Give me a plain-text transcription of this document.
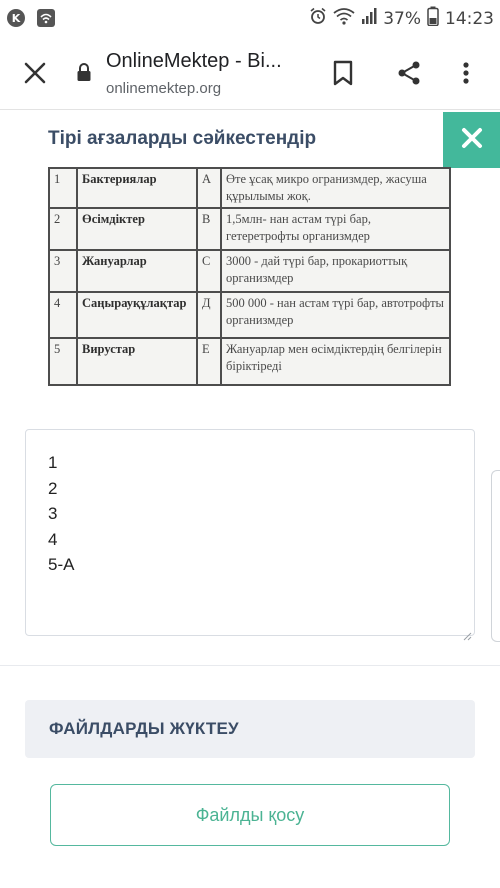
K	37% 14:23
OnlineMektep - Bi...
onlinemektep.org
Тірі ағзаларды сәйкестендір
1	Бактериялар	A	Өте ұсақ микро огранизмдер, жасуша құрылымы жоқ.
2	Өсімдіктер	B	1,5млн- нан астам түрі бар, гетеретрофты организмдер
3	Жануарлар	C	3000 - дай түрі бар, прокариоттық организмдер
4	Саңырауқұлақтар	Д	500 000 - нан астам түрі бар, автотрофты организмдер
5	Вирустар	E	Жануарлар мен өсімдіктердің белгілерін біріктіреді
1
2
3
4
5-A
ФАЙЛДАРДЫ ЖҮКТЕУ
Файлды қосу
